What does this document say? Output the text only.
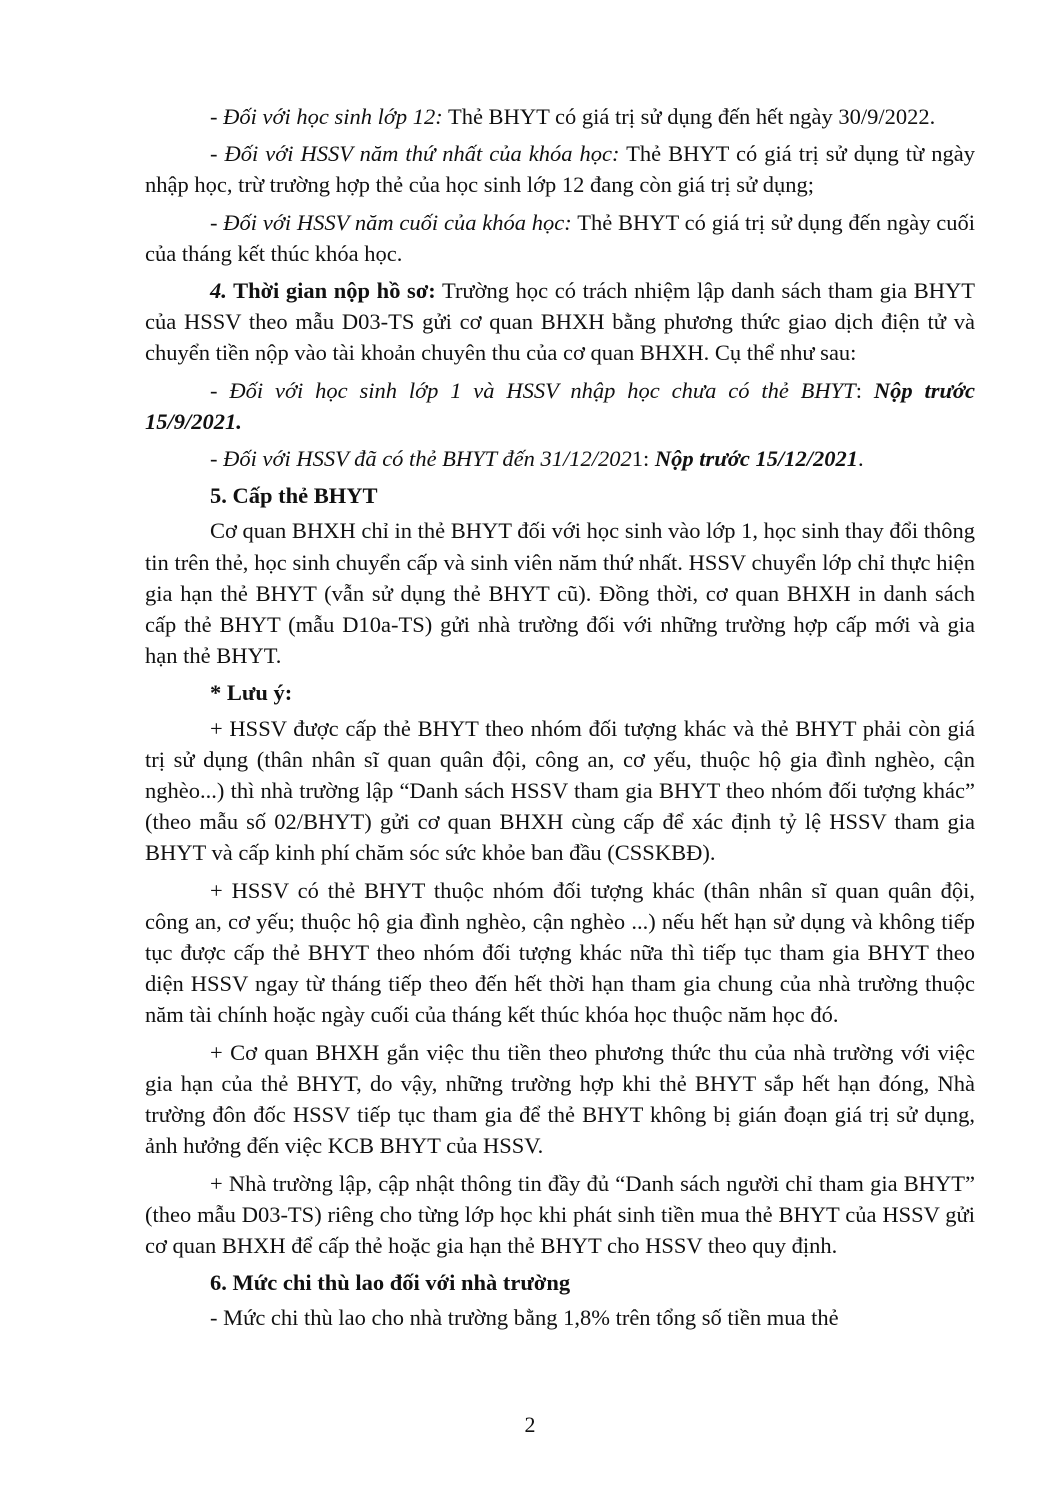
- Đối với học sinh lớp 12: Thẻ BHYT có giá trị sử dụng đến hết ngày 30/9/2022.

- Đối với HSSV năm thứ nhất của khóa học: Thẻ BHYT có giá trị sử dụng từ ngày nhập học, trừ trường hợp thẻ của học sinh lớp 12 đang còn giá trị sử dụng;

- Đối với HSSV năm cuối của khóa học: Thẻ BHYT có giá trị sử dụng đến ngày cuối của tháng kết thúc khóa học.

4. Thời gian nộp hồ sơ: Trường học có trách nhiệm lập danh sách tham gia BHYT của HSSV theo mẫu D03-TS gửi cơ quan BHXH bằng phương thức giao dịch điện tử và chuyển tiền nộp vào tài khoản chuyên thu của cơ quan BHXH. Cụ thể như sau:

- Đối với học sinh lớp 1 và HSSV nhập học chưa có thẻ BHYT: Nộp trước 15/9/2021.

- Đối với HSSV đã có thẻ BHYT đến 31/12/2021: Nộp trước 15/12/2021.

5. Cấp thẻ BHYT

Cơ quan BHXH chỉ in thẻ BHYT đối với học sinh vào lớp 1, học sinh thay đổi thông tin trên thẻ, học sinh chuyển cấp và sinh viên năm thứ nhất. HSSV chuyển lớp chỉ thực hiện gia hạn thẻ BHYT (vẫn sử dụng thẻ BHYT cũ). Đồng thời, cơ quan BHXH in danh sách cấp thẻ BHYT (mẫu D10a-TS) gửi nhà trường đối với những trường hợp cấp mới và gia hạn thẻ BHYT.

* Lưu ý:

+ HSSV được cấp thẻ BHYT theo nhóm đối tượng khác và thẻ BHYT phải còn giá trị sử dụng (thân nhân sĩ quan quân đội, công an, cơ yếu, thuộc hộ gia đình nghèo, cận nghèo...) thì nhà trường lập “Danh sách HSSV tham gia BHYT theo nhóm đối tượng khác” (theo mẫu số 02/BHYT) gửi cơ quan BHXH cùng cấp để xác định tỷ lệ HSSV tham gia BHYT và cấp kinh phí chăm sóc sức khỏe ban đầu (CSSKBĐ).

+ HSSV có thẻ BHYT thuộc nhóm đối tượng khác (thân nhân sĩ quan quân đội, công an, cơ yếu; thuộc hộ gia đình nghèo, cận nghèo ...) nếu hết hạn sử dụng và không tiếp tục được cấp thẻ BHYT theo nhóm đối tượng khác nữa thì tiếp tục tham gia BHYT theo diện HSSV ngay từ tháng tiếp theo đến hết thời hạn tham gia chung của nhà trường thuộc năm tài chính hoặc ngày cuối của tháng kết thúc khóa học thuộc năm học đó.

+ Cơ quan BHXH gắn việc thu tiền theo phương thức thu của nhà trường với việc gia hạn của thẻ BHYT, do vậy, những trường hợp khi thẻ BHYT sắp hết hạn đóng, Nhà trường đôn đốc HSSV tiếp tục tham gia để thẻ BHYT không bị gián đoạn giá trị sử dụng, ảnh hưởng đến việc KCB BHYT của HSSV.

+ Nhà trường lập, cập nhật thông tin đầy đủ “Danh sách người chỉ tham gia BHYT” (theo mẫu D03-TS) riêng cho từng lớp học khi phát sinh tiền mua thẻ BHYT của HSSV gửi cơ quan BHXH để cấp thẻ hoặc gia hạn thẻ BHYT cho HSSV theo quy định.

6. Mức chi thù lao đối với nhà trường

- Mức chi thù lao cho nhà trường bằng 1,8% trên tổng số tiền mua thẻ

2
